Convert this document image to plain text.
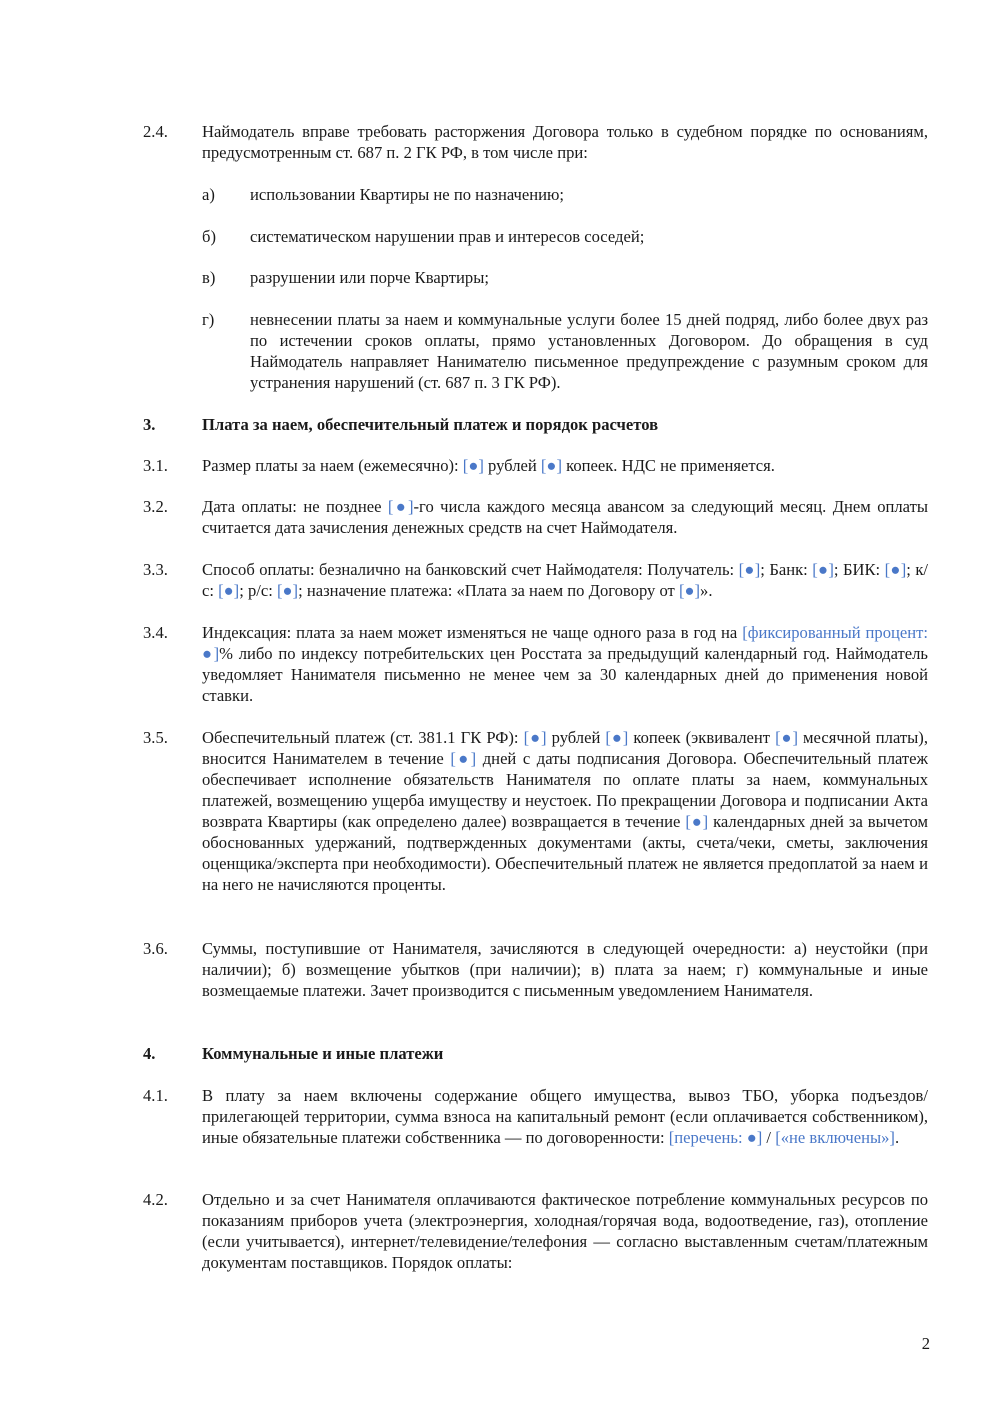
2.4.	Наймодатель вправе требовать расторжения Договора только в судебном порядке по основаниям, предусмотренным ст. 687 п. 2 ГК РФ, в том числе при:
а)	использовании Квартиры не по назначению;
б)	систематическом нарушении прав и интересов соседей;
в)	разрушении или порче Квартиры;
г)	невнесении платы за наем и коммунальные услуги более 15 дней подряд, либо более двух раз по истечении сроков оплаты, прямо установленных Договором. До обращения в суд Наймодатель направляет Нанимателю письменное предупреждение с разумным сроком для устранения нарушений (ст. 687 п. 3 ГК РФ).
3.	Плата за наем, обеспечительный платеж и порядок расчетов
3.1.	Размер платы за наем (ежемесячно): [●] рублей [●] копеек. НДС не применяется.
3.2.	Дата оплаты: не позднее [●]-го числа каждого месяца авансом за следующий месяц. Днем оплаты считается дата зачисления денежных средств на счет Наймодателя.
3.3.	Способ оплаты: безналично на банковский счет Наймодателя: Получатель: [●]; Банк: [●]; БИК: [●]; к/с: [●]; р/с: [●]; назначение платежа: «Плата за наем по Договору от [●]».
3.4.	Индексация: плата за наем может изменяться не чаще одного раза в год на [фиксированный процент: ●]% либо по индексу потребительских цен Росстата за предыдущий календарный год. Наймодатель уведомляет Нанимателя письменно не менее чем за 30 календарных дней до применения новой ставки.
3.5.	Обеспечительный платеж (ст. 381.1 ГК РФ): [●] рублей [●] копеек (эквивалент [●] месячной платы), вносится Нанимателем в течение [●] дней с даты подписания Договора. Обеспечительный платеж обеспечивает исполнение обязательств Нанимателя по оплате платы за наем, коммунальных платежей, возмещению ущерба имуществу и неустоек. По прекращении Договора и подписании Акта возврата Квартиры (как определено далее) возвращается в течение [●] календарных дней за вычетом обоснованных удержаний, подтвержденных документами (акты, счета/чеки, сметы, заключения оценщика/эксперта при необходимости). Обеспечительный платеж не является предоплатой за наем и на него не начисляются проценты.
3.6.	Суммы, поступившие от Нанимателя, зачисляются в следующей очередности: а) неустойки (при наличии); б) возмещение убытков (при наличии); в) плата за наем; г) коммунальные и иные возмещаемые платежи. Зачет производится с письменным уведомлением Нанимателя.
4.	Коммунальные и иные платежи
4.1.	В плату за наем включены содержание общего имущества, вывоз ТБО, уборка подъездов/прилегающей территории, сумма взноса на капитальный ремонт (если оплачивается собственником), иные обязательные платежи собственника — по договоренности: [перечень: ●] / [«не включены»].
4.2.	Отдельно и за счет Нанимателя оплачиваются фактическое потребление коммунальных ресурсов по показаниям приборов учета (электроэнергия, холодная/горячая вода, водоотведение, газ), отопление (если учитывается), интернет/телевидение/телефония — согласно выставленным счетам/платежным документам поставщиков. Порядок оплаты:
2
